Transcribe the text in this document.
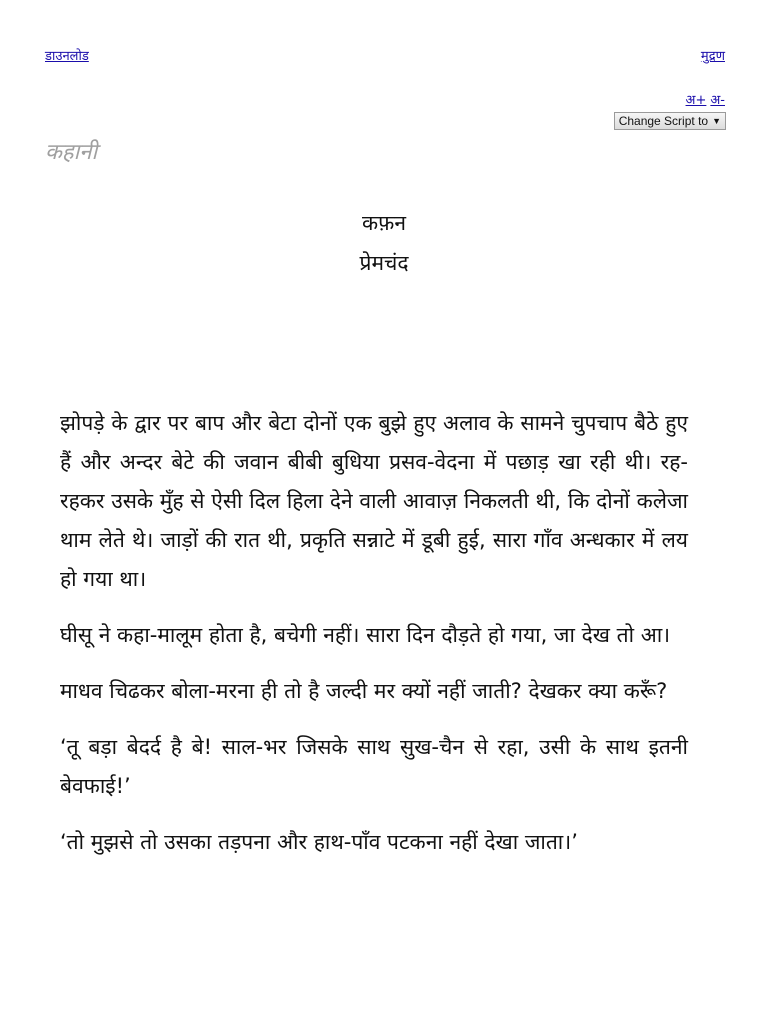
डाउनलोड	मुद्रण
अ+ अ-
Change Script to ▼
कहानी
कफ़न
प्रेमचंद

झोपड़े के द्वार पर बाप और बेटा दोनों एक बुझे हुए अलाव के सामने चुपचाप बैठे हुए हैं और अन्दर बेटे की जवान बीबी बुधिया प्रसव-वेदना में पछाड़ खा रही थी। रह-रहकर उसके मुँह से ऐसी दिल हिला देने वाली आवाज़ निकलती थी, कि दोनों कलेजा थाम लेते थे। जाड़ों की रात थी, प्रकृति सन्नाटे में डूबी हुई, सारा गाँव अन्धकार में लय हो गया था।

घीसू ने कहा-मालूम होता है, बचेगी नहीं। सारा दिन दौड़ते हो गया, जा देख तो आ।

माधव चिढकर बोला-मरना ही तो है जल्दी मर क्यों नहीं जाती? देखकर क्या करूँ?

‘तू बड़ा बेदर्द है बे! साल-भर जिसके साथ सुख-चैन से रहा, उसी के साथ इतनी बेवफाई!’

‘तो मुझसे तो उसका तड़पना और हाथ-पाँव पटकना नहीं देखा जाता।’
